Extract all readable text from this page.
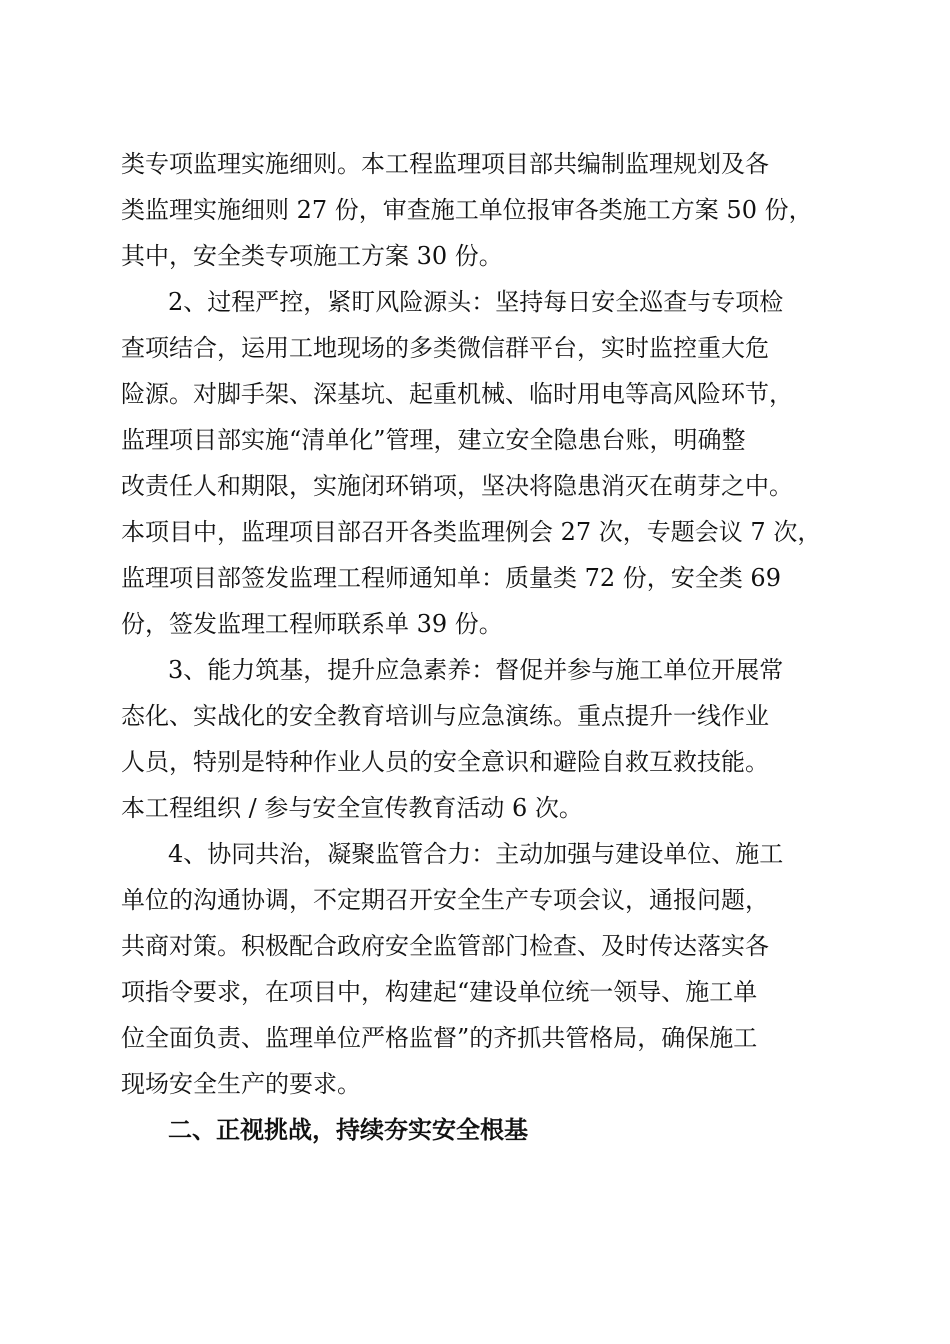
类专项监理实施细则。本工程监理项目部共编制监理规划及各
类监理实施细则 27 份，审查施工单位报审各类施工方案 50 份，
其中，安全类专项施工方案 30 份。
2、过程严控，紧盯风险源头：坚持每日安全巡查与专项检
查项结合，运用工地现场的多类微信群平台，实时监控重大危
险源。对脚手架、深基坑、起重机械、临时用电等高风险环节，
监理项目部实施“清单化”管理，建立安全隐患台账，明确整
改责任人和期限，实施闭环销项，坚决将隐患消灭在萌芽之中。
本项目中，监理项目部召开各类监理例会 27 次，专题会议 7 次，
监理项目部签发监理工程师通知单：质量类 72 份，安全类 69
份，签发监理工程师联系单 39 份。
3、能力筑基，提升应急素养：督促并参与施工单位开展常
态化、实战化的安全教育培训与应急演练。重点提升一线作业
人员，特别是特种作业人员的安全意识和避险自救互救技能。
本工程组织 / 参与安全宣传教育活动 6 次。
4、协同共治，凝聚监管合力：主动加强与建设单位、施工
单位的沟通协调，不定期召开安全生产专项会议，通报问题，
共商对策。积极配合政府安全监管部门检查、及时传达落实各
项指令要求，在项目中，构建起“建设单位统一领导、施工单
位全面负责、监理单位严格监督”的齐抓共管格局，确保施工
现场安全生产的要求。
二、正视挑战，持续夯实安全根基
